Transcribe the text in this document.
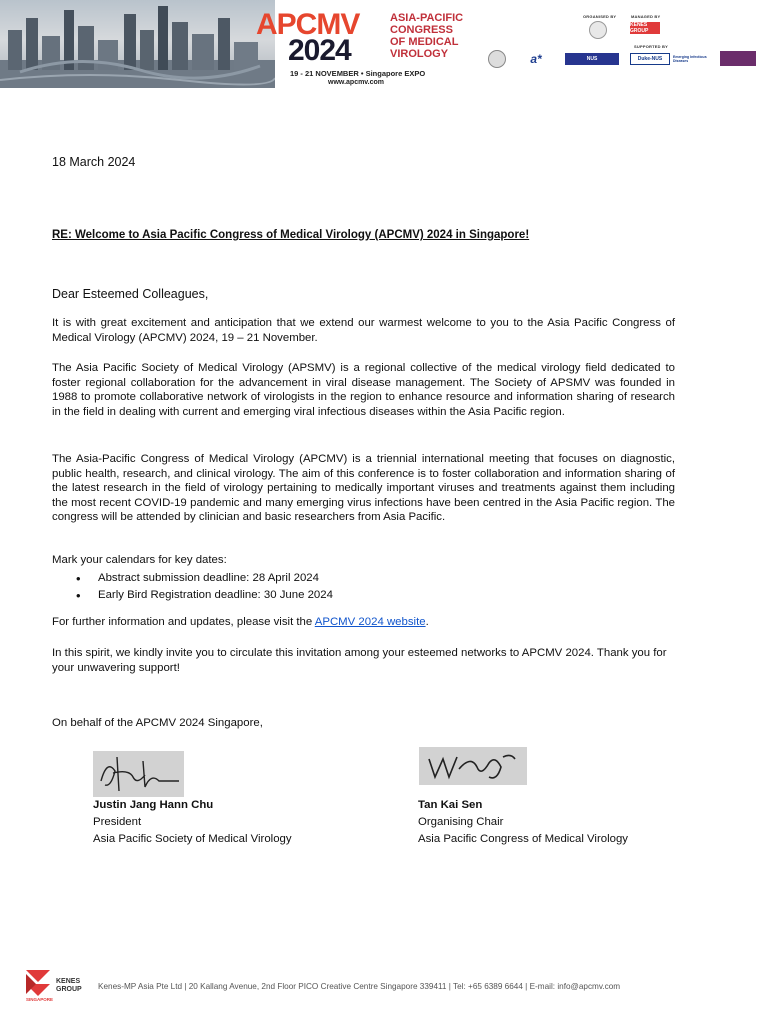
APCMV
2024
ASIA-PACIFIC
CONGRESS
OF MEDICAL
VIROLOGY
19 - 21 NOVEMBER • Singapore EXPO
www.apcmv.com
ORGANISED BY	MANAGED BY
KENES GROUP
SUPPORTED BY
a*	NUS	Duke-NUS	Emerging Infectious Diseases
18 March 2024
RE: Welcome to Asia Pacific Congress of Medical Virology (APCMV) 2024 in Singapore!
Dear Esteemed Colleagues,

It is with great excitement and anticipation that we extend our warmest welcome to you to the Asia Pacific Congress of Medical Virology (APCMV) 2024, 19 – 21 November.

The Asia Pacific Society of Medical Virology (APSMV) is a regional collective of the medical virology field dedicated to foster regional collaboration for the advancement in viral disease management. The Society of APSMV was founded in 1988 to promote collaborative network of virologists in the region to enhance resource and information sharing of research in the field in dealing with current and emerging viral infectious diseases within the Asia Pacific region.

The Asia-Pacific Congress of Medical Virology (APCMV) is a triennial international meeting that focuses on diagnostic, public health, research, and clinical virology. The aim of this conference is to foster collaboration and information sharing of the latest research in the field of virology pertaining to medically important viruses and treatments against them including the most recent COVID-19 pandemic and many emerging virus infections have been centred in the Asia Pacific region. The congress will be attended by clinician and basic researchers from Asia Pacific.

Mark your calendars for key dates:
• Abstract submission deadline: 28 April 2024
• Early Bird Registration deadline: 30 June 2024
For further information and updates, please visit the APCMV 2024 website.

In this spirit, we kindly invite you to circulate this invitation among your esteemed networks to APCMV 2024. Thank you for your unwavering support!

On behalf of the APCMV 2024 Singapore,
Justin Jang Hann Chu
President
Asia Pacific Society of Medical Virology
Tan Kai Sen
Organising Chair
Asia Pacific Congress of Medical Virology
KENES GROUP
SINGAPORE
Kenes-MP Asia Pte Ltd | 20 Kallang Avenue, 2nd Floor PICO Creative Centre Singapore 339411 | Tel: +65 6389 6644 | E-mail: info@apcmv.com
